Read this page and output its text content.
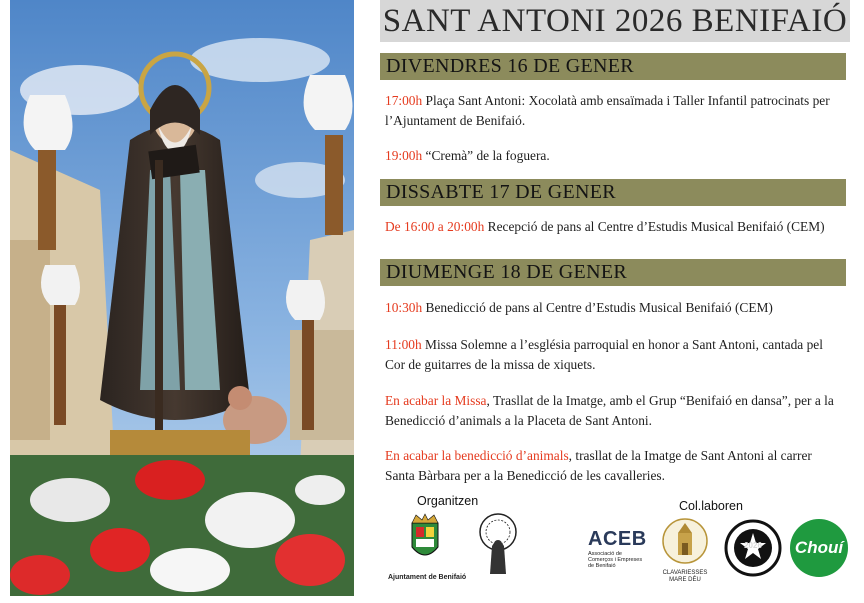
SANT ANTONI 2026 BENIFAIÓ
DIVENDRES 16 DE GENER
17:00h Plaça Sant Antoni: Xocolatà amb ensaïmada i Taller Infantil patrocinats per l’Ajuntament de Benifaió.
19:00h “Cremà” de la foguera.
DISSABTE 17 DE GENER
De 16:00 a 20:00h Recepció de pans al Centre d’Estudis Musical Benifaió (CEM)
DIUMENGE 18 DE GENER
10:30h Benedicció de pans al Centre d’Estudis Musical Benifaió (CEM)
11:00h Missa Solemne a l’església parroquial en honor a Sant Antoni, cantada pel Cor de guitarres de la missa de xiquets.
En acabar la Missa, Trasllat de la Imatge, amb el Grup “Benifaió en dansa”, per a la Benedicció d’animals a la Placeta de Sant Antoni.
En acabar la benedicció d’animals, trasllat de la Imatge de Sant Antoni al carrer Santa Bàrbara per a la Benedicció de les cavalleries.
Organitzen	Col.laboren
Ajuntament de Benifaió
ACEB
Associació de Comerços i Empreses de Benifaió
CLAVARIESSES MARE DÉU
2026	Chouí
